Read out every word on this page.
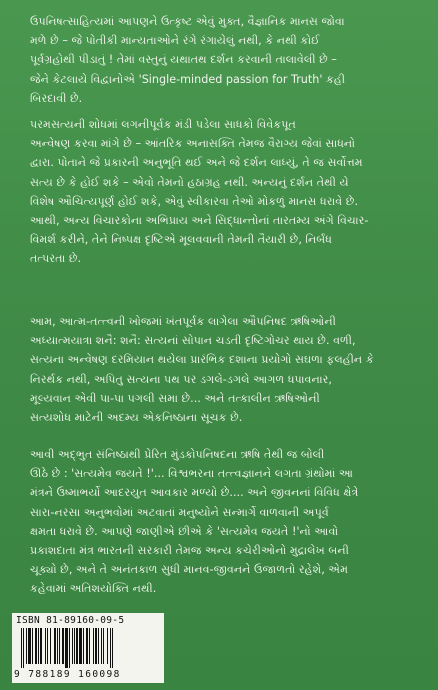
ઉપનિષત્સાહિત્યમાં આપણને ઉત્કૃષ્ટ એવું મુક્ત, વૈજ્ઞાનિક માનસ જોવા
મળે છે – જે પોતીકી માન્યતાઓને રંગે રંગાયેલું નથી, કે નથી કોઈ
પૂર્વગ્રહોથી પીડાતું ! તેમાં વસ્તુનું યથાતથ દર્શન કરવાની તાલાવેલી છે –
જેને કેટલાયે વિદ્વાનોએ 'Single-minded passion for Truth' કહી
બિરદાવી છે.
પરમસત્યની શોધમાં લગનીપૂર્વક મંડી પડેલા સાધકો વિવેકપૂત
અન્વેષણ કરવા માંગે છે – આંતરિક અનાસક્તિ તેમજ વૈરાગ્ય જેવાં સાધનો
દ્વારા. પોતાને જે પ્રકારની અનુભૂતિ થઈ અને જે દર્શન લાધ્યું, તે જ સર્વોત્તમ
સત્ય છે કે હોઈ શકે – એવો તેમનો હઠાગ્રહ નથી. અન્યનું દર્શન તેથી યે
વિશેષ ઔચિત્યપૂર્ણ હોઈ શકે, એવું સ્વીકારવા તેઓ મોકળું માનસ ધરાવે છે.
આથી, અન્ય વિચારકોના અભિપ્રાય અને સિદ્ધાન્તોનાં તારતમ્ય અંગે વિચાર-
વિમર્શ કરીને, તેને નિષ્પક્ષ દૃષ્ટિએ મૂલવવાની તેમની તૈયારી છે, નિર્બંધ
તત્પરતા છે.
આમ, આત્મ-તત્ત્વની ખોજમાં ખંતપૂર્વક લાગેલા ઔપનિષદ ઋષિઓની
અધ્યાત્મયાત્રા શનૈ: શનૈ: સત્યનાં સોપાન ચડતી દૃષ્ટિગોચર થાય છે. વળી,
સત્યના અન્વેષણ દરમિયાન થયેલા પ્રારંભિક દશાના પ્રયોગો સઘળા ફલહીન કે
નિરર્થક નથી, અપિતુ સત્યના પથ પર ડગલે-ડગલે આગળ ધપાવનાર,
મૂલ્યવાન એવી પા-પા પગલી સમા છે... અને તત્કાલીન ઋષિઓની
સત્યશોધ માટેની અદમ્ય એકનિષ્ઠાના સૂચક છે.
આવી અદ્ભુત સંનિષ્ઠાથી પ્રેરિત મુંડકોપનિષદના ઋષિ તેથી જ બોલી
ઊઠે છે : 'સત્યમેવ જયતે !'... વિશ્વભરના તત્ત્વજ્ઞાનને લગતા ગ્રંથોમાં આ
મંત્રને ઉષ્માભર્યો આદરયુત આવકાર મળ્યો છે.... અને જીવનનાં વિવિધ ક્ષેત્રે
સારા-નરસા અનુભવોમાં અટવાતાં મનુષ્યોને સન્માર્ગે વાળવાની અપૂર્વ
ક્ષમતા ધરાવે છે. આપણે જાણીએ છીએ કે 'સત્યમેવ જયતે !'નો આવો
પ્રકાશદાતા મંત્ર ભારતની સરકારી તેમજ અન્ય કચેરીઓનો મુદ્રાલેખ બની
ચૂક્યો છે, અને તે અનંતકાળ સુધી માનવ-જીવનને ઉજાળતો રહેશે, એમ
કહેવામાં અતિશયોક્તિ નથી.
ISBN 81-89160-09-5
9 788189 160098
